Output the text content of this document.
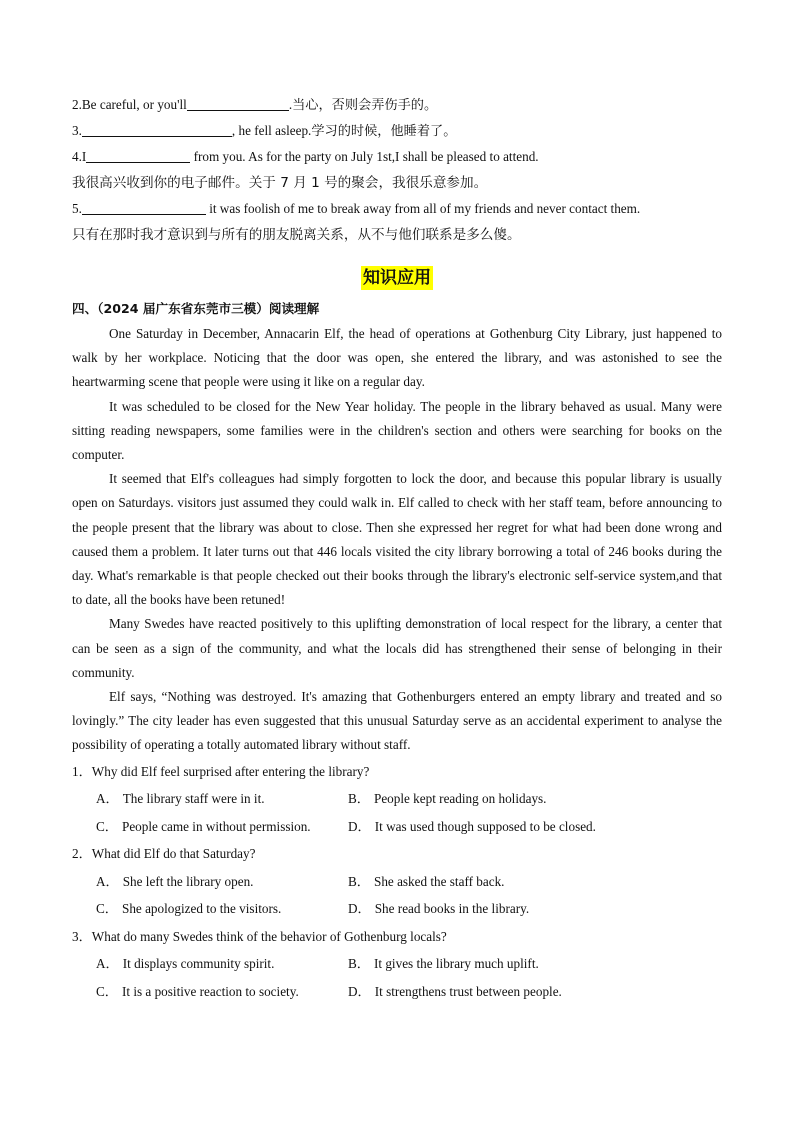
2.Be careful, or you'll	.当心，否则会弄伤手的。
3.	, he fell asleep.学习的时候，他睡着了。
4.I	from you. As for the party on July 1st,I shall be pleased to attend.
我很高兴收到你的电子邮件。关于 7 月 1 号的聚会，我很乐意参加。
5.	it was foolish of me to break away from all of my friends and never contact them.
只有在那时我才意识到与所有的朋友脱离关系，从不与他们联系是多么傻。
知识应用
四、（2024 届广东省东莞市三模）阅读理解

One Saturday in December, Annacarin Elf, the head of operations at Gothenburg City Library, just happened to walk by her workplace. Noticing that the door was open, she entered the library, and was astonished to see the heartwarming scene that people were using it like on a regular day.

It was scheduled to be closed for the New Year holiday. The people in the library behaved as usual. Many were sitting reading newspapers, some families were in the children's section and others were searching for books on the computer.

It seemed that Elf's colleagues had simply forgotten to lock the door, and because this popular library is usually open on Saturdays. visitors just assumed they could walk in. Elf called to check with her staff team, before announcing to the people present that the library was about to close. Then she expressed her regret for what had been done wrong and caused them a problem. It later turns out that 446 locals visited the city library borrowing a total of 246 books during the day. What's remarkable is that people checked out their books through the library's electronic self-service system,and that to date, all the books have been retuned!

Many Swedes have reacted positively to this uplifting demonstration of local respect for the library, a center that can be seen as a sign of the community, and what the locals did has strengthened their sense of belonging in their community.

Elf says, “Nothing was destroyed. It's amazing that Gothenburgers entered an empty library and treated and so lovingly.” The city leader has even suggested that this unusual Saturday serve as an accidental experiment to analyse the possibility of operating a totally automated library without staff.

1．Why did Elf feel surprised after entering the library?
A． The library staff were in it.	B． People kept reading on holidays.
C． People came in without permission.	D． It was used though supposed to be closed.
2．What did Elf do that Saturday?
A． She left the library open.	B． She asked the staff back.
C． She apologized to the visitors.	D． She read books in the library.
3．What do many Swedes think of the behavior of Gothenburg locals?
A． It displays community spirit.	B． It gives the library much uplift.
C． It is a positive reaction to society.	D． It strengthens trust between people.
